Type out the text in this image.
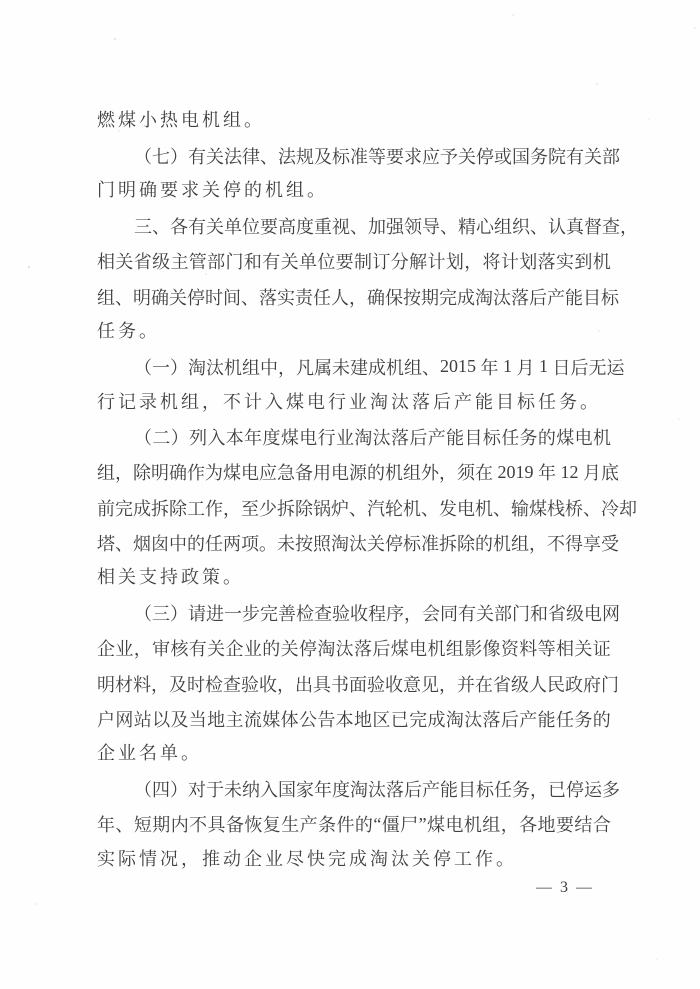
燃煤小热电机组。
（ 七 ） 有 关 法 律 、 法 规 及 标 准 等 要 求 应 予 关 停 或 国 务 院 有 关 部
门明确要求关停的机组。
三 、 各 有 关 单 位 要 高 度 重 视 、 加 强 领 导 、 精 心 组 织 、 认 真 督 查 ，
相 关 省 级 主 管 部 门 和 有 关 单 位 要 制 订 分 解 计 划 ， 将 计 划 落 实 到 机
组 、 明 确 关 停 时 间 、 落 实 责 任 人 ， 确 保 按 期 完 成 淘 汰 落 后 产 能 目 标
任务。
（ 一 ） 淘 汰 机 组 中 ， 凡 属 未 建 成 机 组 、 2015
年
1
月
1
日 后 无 运
行记录机组，不计入煤电行业淘汰落后产能目标任务。
（ 二 ） 列 入 本 年 度 煤 电 行 业 淘 汰 落 后 产 能 目 标 任 务 的 煤 电 机
组 ， 除 明 确 作 为 煤 电 应 急 备 用 电 源 的 机 组 外 ， 须 在
2019
年
12
月 底
前 完 成 拆 除 工 作 ， 至 少 拆 除 锅 炉 、 汽 轮 机 、 发 电 机 、 输 煤 栈 桥 、 冷 却
塔 、 烟 囱 中 的 任 两 项 。 未 按 照 淘 汰 关 停 标 准 拆 除 的 机 组 ， 不 得 享 受
相关支持政策。
（ 三 ） 请 进 一 步 完 善 检 查 验 收 程 序 ， 会 同 有 关 部 门 和 省 级 电 网
企 业 ， 审 核 有 关 企 业 的 关 停 淘 汰 落 后 煤 电 机 组 影 像 资 料 等 相 关 证
明 材 料 ， 及 时 检 查 验 收 ， 出 具 书 面 验 收 意 见 ， 并 在 省 级 人 民 政 府 门
户 网 站 以 及 当 地 主 流 媒 体 公 告 本 地 区 已 完 成 淘 汰 落 后 产 能 任 务 的
企业名单。
（ 四 ） 对 于 未 纳 入 国 家 年 度 淘 汰 落 后 产 能 目 标 任 务 ， 已 停 运 多
年 、 短 期 内 不 具 备 恢 复 生 产 条 件 的 “ 僵 尸 ” 煤 电 机 组 ， 各 地 要 结 合
实际情况，推动企业尽快完成淘汰关停工作。
— 3 —
